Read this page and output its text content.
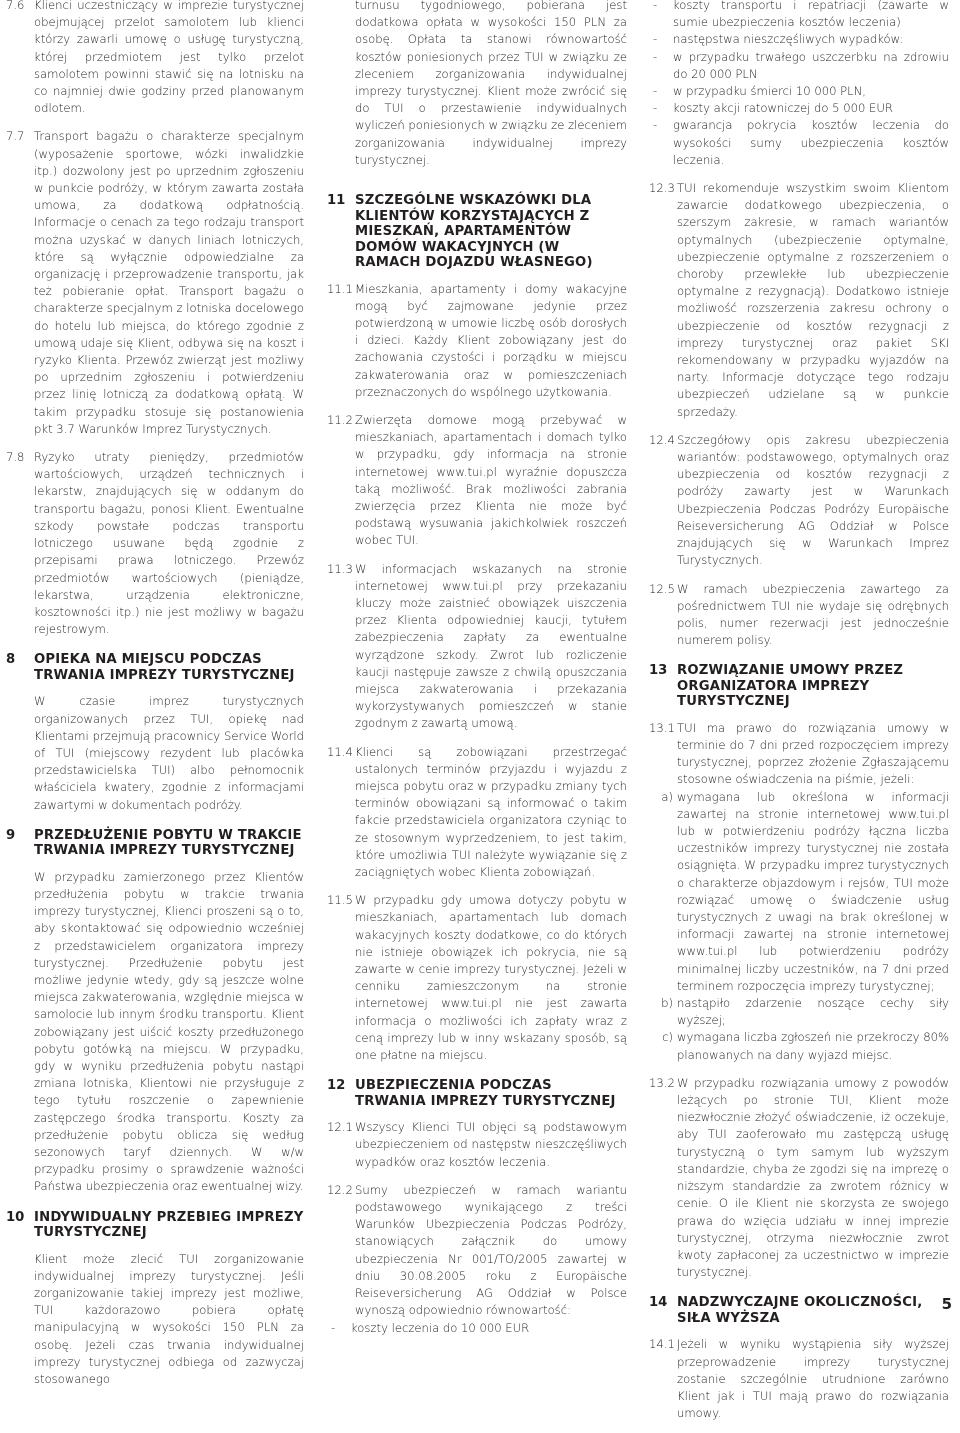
7.6 Klienci uczestniczący w imprezie turystycznej obejmującej przelot samolotem lub klienci którzy zawarli umowę o usługę turystyczną, której przedmiotem jest tylko przelot samolotem powinni stawić się na lotnisku na co najmniej dwie godziny przed planowanym odlotem.
7.7 Transport bagażu o charakterze specjalnym (wyposażenie sportowe, wózki inwalidzkie itp.) dozwolony jest po uprzednim zgłoszeniu w punkcie podróży, w którym zawarta została umowa, za dodatkową odpłatnością. Informacje o cenach za tego rodzaju transport można uzyskać w danych liniach lotniczych, które są wyłącznie odpowiedzialne za organizację i przeprowadzenie transportu, jak też pobieranie opłat. Transport bagażu o charakterze specjalnym z lotniska docelowego do hotelu lub miejsca, do którego zgodnie z umową udaje się Klient, odbywa się na koszt i ryzyko Klienta. Przewóz zwierząt jest możliwy po uprzednim zgłoszeniu i potwierdzeniu przez linię lotniczą za dodatkową opłatą. W takim przypadku stosuje się postanowienia pkt 3.7 Warunków Imprez Turystycznych.
7.8 Ryzyko utraty pieniędzy, przedmiotów wartościowych, urządzeń technicznych i lekarstw, znajdujących się w oddanym do transportu bagażu, ponosi Klient. Ewentualne szkody powstałe podczas transportu lotniczego usuwane będą zgodnie z przepisami prawa lotniczego. Przewóz przedmiotów wartościowych (pieniądze, lekarstwa, urządzenia elektroniczne, kosztowności itp.) nie jest możliwy w bagażu rejestrowym.
8	OPIEKA NA MIEJSCU PODCZAS TRWANIA IMPREZY TURYSTYCZNEJ
W czasie imprez turystycznych organizowanych przez TUI, opiekę nad Klientami przejmują pracownicy Service World of TUI (miejscowy rezydent lub placówka przedstawicielska TUI) albo pełnomocnik właściciela kwatery, zgodnie z informacjami zawartymi w dokumentach podróży.
9	PRZEDŁUŻENIE POBYTU W TRAKCIE TRWANIA IMPREZY TURYSTYCZNEJ
W przypadku zamierzonego przez Klientów przedłużenia pobytu w trakcie trwania imprezy turystycznej, Klienci proszeni są o to, aby skontaktować się odpowiednio wcześniej z przedstawicielem organizatora imprezy turystycznej. Przedłużenie pobytu jest możliwe jedynie wtedy, gdy są jeszcze wolne miejsca zakwaterowania, względnie miejsca w samolocie lub innym środku transportu. Klient zobowiązany jest uiścić koszty przedłużonego pobytu gotówką na miejscu. W przypadku, gdy w wyniku przedłużenia pobytu nastąpi zmiana lotniska, Klientowi nie przysługuje z tego tytułu roszczenie o zapewnienie zastępczego środka transportu. Koszty za przedłużenie pobytu oblicza się według sezonowych taryf dziennych. W w/w przypadku prosimy o sprawdzenie ważności Państwa ubezpieczenia oraz ewentualnej wizy.
10 INDYWIDUALNY PRZEBIEG IMPREZY TURYSTYCZNEJ
Klient może zlecić TUI zorganizowanie indywidualnej imprezy turystycznej. Jeśli zorganizowanie takiej imprezy jest możliwe, TUI każdorazowo pobiera opłatę manipulacyjną w wysokości 150 PLN za osobę. Jeżeli czas trwania indywidualnej imprezy turystycznej odbiega od zazwyczaj stosowanego
turnusu tygodniowego, pobierana jest dodatkowa opłata w wysokości 150 PLN za osobę. Opłata ta stanowi równowartość kosztów poniesionych przez TUI w związku ze zleceniem zorganizowania indywidualnej imprezy turystycznej. Klient może zwrócić się do TUI o przestawienie indywidualnych wyliczeń poniesionych w związku ze zleceniem zorganizowania indywidualnej imprezy turystycznej.
11 SZCZEGÓLNE WSKAZÓWKI DLA KLIENTÓW KORZYSTAJĄCYCH Z MIESZKAŃ, APARTAMENTÓW DOMÓW WAKACYJNYCH (W RAMACH DOJAZDU WŁASNEGO)
11.1 Mieszkania, apartamenty i domy wakacyjne mogą być zajmowane jedynie przez potwierdzoną w umowie liczbę osób dorosłych i dzieci. Każdy Klient zobowiązany jest do zachowania czystości i porządku w miejscu zakwaterowania oraz w pomieszczeniach przeznaczonych do wspólnego użytkowania.
11.2 Zwierzęta domowe mogą przebywać w mieszkaniach, apartamentach i domach tylko w przypadku, gdy informacja na stronie internetowej www.tui.pl wyraźnie dopuszcza taką możliwość. Brak możliwości zabrania zwierzęcia przez Klienta nie może być podstawą wysuwania jakichkolwiek roszczeń wobec TUI.
11.3 W informacjach wskazanych na stronie internetowej www.tui.pl przy przekazaniu kluczy może zaistnieć obowiązek uiszczenia przez Klienta odpowiedniej kaucji, tytułem zabezpieczenia zapłaty za ewentualne wyrządzone szkody. Zwrot lub rozliczenie kaucji następuje zawsze z chwilą opuszczania miejsca zakwaterowania i przekazania wykorzystywanych pomieszczeń w stanie zgodnym z zawartą umową.
11.4 Klienci są zobowiązani przestrzegać ustalonych terminów przyjazdu i wyjazdu z miejsca pobytu oraz w przypadku zmiany tych terminów obowiązani są informować o takim fakcie przedstawiciela organizatora czyniąc to ze stosownym wyprzedzeniem, to jest takim, które umożliwia TUI należyte wywiązanie się z zaciągniętych wobec Klienta zobowiązań.
11.5 W przypadku gdy umowa dotyczy pobytu w mieszkaniach, apartamentach lub domach wakacyjnych koszty dodatkowe, co do których nie istnieje obowiązek ich pokrycia, nie są zawarte w cenie imprezy turystycznej. Jeżeli w cenniku zamieszczonym na stronie internetowej www.tui.pl nie jest zawarta informacja o możliwości ich zapłaty wraz z ceną imprezy lub w inny wskazany sposób, są one płatne na miejscu.
12 UBEZPIECZENIA PODCZAS TRWANIA IMPREZY TURYSTYCZNEJ
12.1 Wszyscy Klienci TUI objęci są podstawowym ubezpieczeniem od następstw nieszczęśliwych wypadków oraz kosztów leczenia.
12.2 Sumy ubezpieczeń w ramach wariantu podstawowego wynikającego z treści Warunków Ubezpieczenia Podczas Podróży, stanowiących załącznik do umowy ubezpieczenia Nr 001/TO/2005 zawartej w dniu 30.08.2005 roku z Europäische Reiseversicherung AG Oddział w Polsce wynoszą odpowiednio równowartość:
-	koszty leczenia do 10 000 EUR
-	koszty transportu i repatriacji (zawarte w sumie ubezpieczenia kosztów leczenia)
-	następstwa nieszczęśliwych wypadków:
-	w przypadku trwałego uszczerbku na zdrowiu do 20 000 PLN
-	w przypadku śmierci 10 000 PLN,
-	koszty akcji ratowniczej do 5 000 EUR
-	gwarancja pokrycia kosztów leczenia do wysokości sumy ubezpieczenia kosztów leczenia.
12.3 TUI rekomenduje wszystkim swoim Klientom zawarcie dodatkowego ubezpieczenia, o szerszym zakresie, w ramach wariantów optymalnych (ubezpieczenie optymalne, ubezpieczenie optymalne z rozszerzeniem o choroby przewlekłe lub ubezpieczenie optymalne z rezygnacją). Dodatkowo istnieje możliwość rozszerzenia zakresu ochrony o ubezpieczenie od kosztów rezygnacji z imprezy turystycznej oraz pakiet SKI rekomendowany w przypadku wyjazdów na narty. Informacje dotyczące tego rodzaju ubezpieczeń udzielane są w punkcie sprzedaży.
12.4 Szczegółowy opis zakresu ubezpieczenia wariantów: podstawowego, optymalnych oraz ubezpieczenia od kosztów rezygnacji z podróży zawarty jest w Warunkach Ubezpieczenia Podczas Podróży Europäische Reiseversicherung AG Oddział w Polsce znajdujących się w Warunkach Imprez Turystycznych.
12.5 W ramach ubezpieczenia zawartego za pośrednictwem TUI nie wydaje się odrębnych polis, numer rezerwacji jest jednocześnie numerem polisy.
13 ROZWIĄZANIE UMOWY PRZEZ ORGANIZATORA IMPREZY TURYSTYCZNEJ
13.1 TUI ma prawo do rozwiązania umowy w terminie do 7 dni przed rozpoczęciem imprezy turystycznej, poprzez złożenie Zgłaszającemu stosowne oświadczenia na piśmie, jeżeli:
a) wymagana lub określona w informacji zawartej na stronie internetowej www.tui.pl lub w potwierdzeniu podróży łączna liczba uczestników imprezy turystycznej nie została osiągnięta. W przypadku imprez turystycznych o charakterze objazdowym i rejsów, TUI może rozwiązać umowę o świadczenie usług turystycznych z uwagi na brak określonej w informacji zawartej na stronie internetowej www.tui.pl lub potwierdzeniu podróży minimalnej liczby uczestników, na 7 dni przed terminem rozpoczęcia imprezy turystycznej;
b) nastąpiło zdarzenie noszące cechy siły wyższej;
c) wymagana liczba zgłoszeń nie przekroczy 80% planowanych na dany wyjazd miejsc.
13.2 W przypadku rozwiązania umowy z powodów leżących po stronie TUI, Klient może niezwłocznie złożyć oświadczenie, iż oczekuje, aby TUI zaoferowało mu zastępczą usługę turystyczną o tym samym lub wyższym standardzie, chyba że zgodzi się na imprezę o niższym standardzie za zwrotem różnicy w cenie. O ile Klient nie skorzysta ze swojego prawa do wzięcia udziału w innej imprezie turystycznej, otrzyma niezwłocznie zwrot kwoty zapłaconej za uczestnictwo w imprezie turystycznej.
14 NADZWYCZAJNE OKOLICZNOŚCI, SIŁA WYŻSZA
14.1 Jeżeli w wyniku wystąpienia siły wyższej przeprowadzenie imprezy turystycznej zostanie szczególnie utrudnione zarówno Klient jak i TUI mają prawo do rozwiązania umowy.
5
